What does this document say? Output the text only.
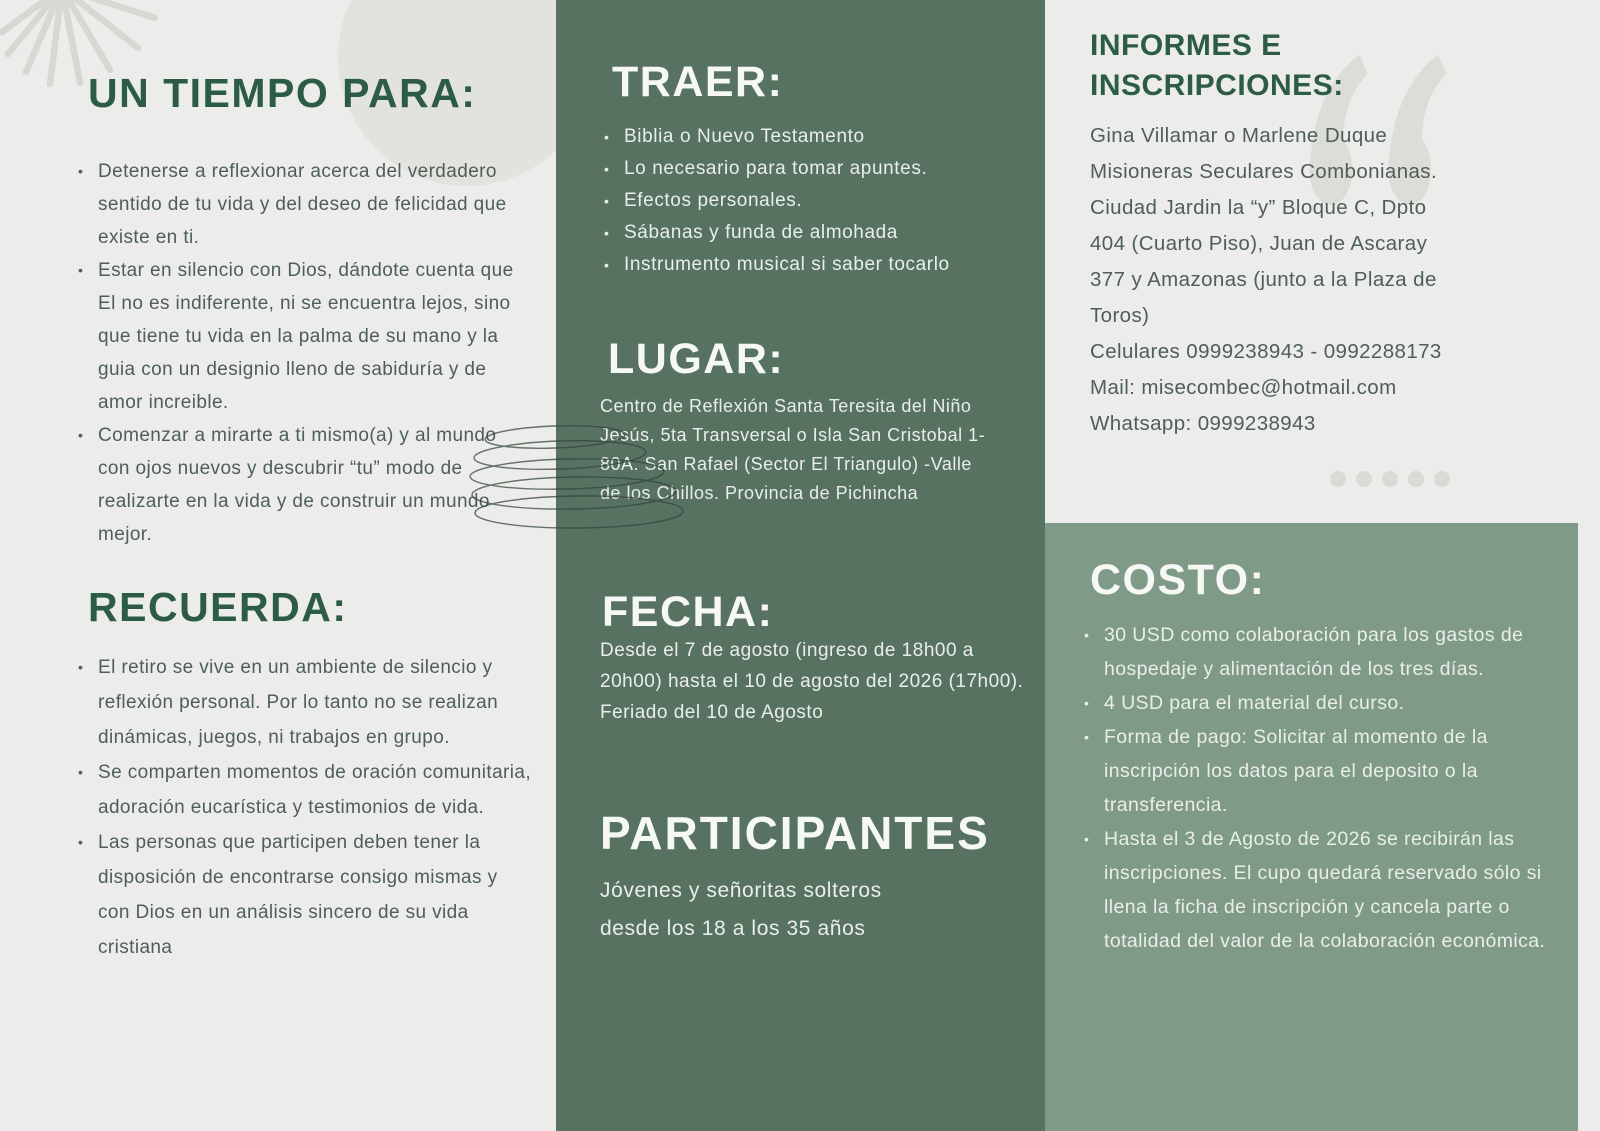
UN TIEMPO PARA:
• Detenerse a reflexionar acerca del verdadero sentido de tu vida y del deseo de felicidad que existe en ti.
• Estar en silencio con Dios, dándote cuenta que El no es indiferente, ni se encuentra lejos, sino que tiene tu vida en la palma de su mano y la guia con un designio lleno de sabiduría y de amor increible.
• Comenzar a mirarte a ti mismo(a) y al mundo con ojos nuevos y descubrir “tu” modo de realizarte en la vida y de construir un mundo mejor.
RECUERDA:
• El retiro se vive en un ambiente de silencio y reflexión personal. Por lo tanto no se realizan dinámicas, juegos, ni trabajos en grupo.
• Se comparten momentos de oración comunitaria, adoración eucarística y testimonios de vida.
• Las personas que participen deben tener la disposición de encontrarse consigo mismas y con Dios en un análisis sincero de su vida cristiana
TRAER:
• Biblia o Nuevo Testamento
• Lo necesario para tomar apuntes.
• Efectos personales.
• Sábanas y funda de almohada
• Instrumento musical si saber tocarlo
LUGAR:
Centro de Reflexión Santa Teresita del Niño
Jesús, 5ta Transversal o Isla San Cristobal 1-
80A. San Rafael (Sector El Triangulo) -Valle
de los Chillos. Provincia de Pichincha
FECHA:
Desde el 7 de agosto (ingreso de 18h00 a
20h00) hasta el 10 de agosto del 2026 (17h00).
Feriado del 10 de Agosto
PARTICIPANTES
Jóvenes y señoritas solteros
desde los 18 a los 35 años
INFORMES E
INSCRIPCIONES:
Gina Villamar o Marlene Duque
Misioneras Seculares Combonianas.
Ciudad Jardin la “y” Bloque C, Dpto
404 (Cuarto Piso), Juan de Ascaray
377 y Amazonas (junto a la Plaza de
Toros)
Celulares 0999238943 - 0992288173
Mail: misecombec@hotmail.com
Whatsapp: 0999238943
COSTO:
• 30 USD como colaboración para los gastos de hospedaje y alimentación de los tres días.
• 4 USD para el material del curso.
• Forma de pago: Solicitar al momento de la inscripción los datos para el deposito o la transferencia.
• Hasta el 3 de Agosto de 2026 se recibirán las inscripciones. El cupo quedará reservado sólo si llena la ficha de inscripción y cancela parte o totalidad del valor de la colaboración económica.
